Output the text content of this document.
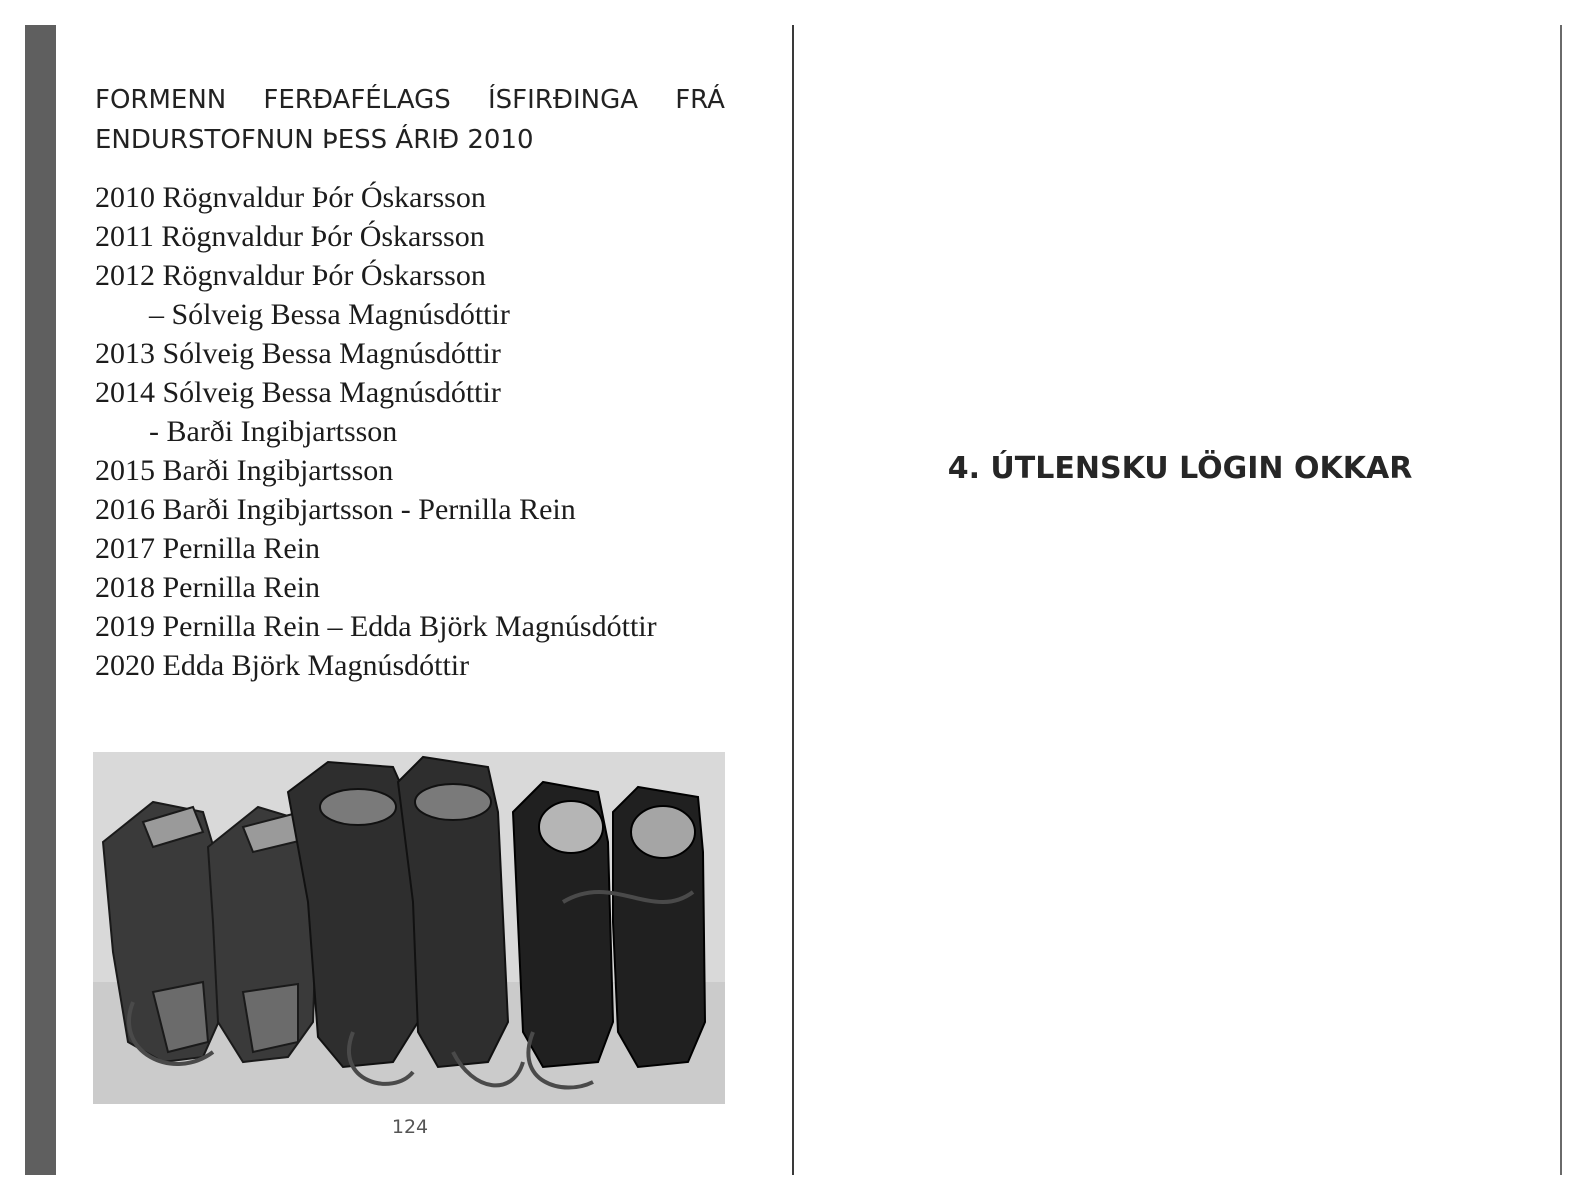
FORMENN FERÐAFÉLAGS ÍSFIRÐINGA FRÁ
ENDURSTOFNUN ÞESS ÁRIÐ 2010
2010 Rögnvaldur Þór Óskarsson
2011 Rögnvaldur Þór Óskarsson
2012 Rögnvaldur Þór Óskarsson
– Sólveig Bessa Magnúsdóttir
2013 Sólveig Bessa Magnúsdóttir
2014 Sólveig Bessa Magnúsdóttir
- Barði Ingibjartsson
2015 Barði Ingibjartsson
2016 Barði Ingibjartsson - Pernilla Rein
2017 Pernilla Rein
2018 Pernilla Rein
2019 Pernilla Rein – Edda Björk Magnúsdóttir
2020 Edda Björk Magnúsdóttir
124
4. ÚTLENSKU LÖGIN OKKAR
